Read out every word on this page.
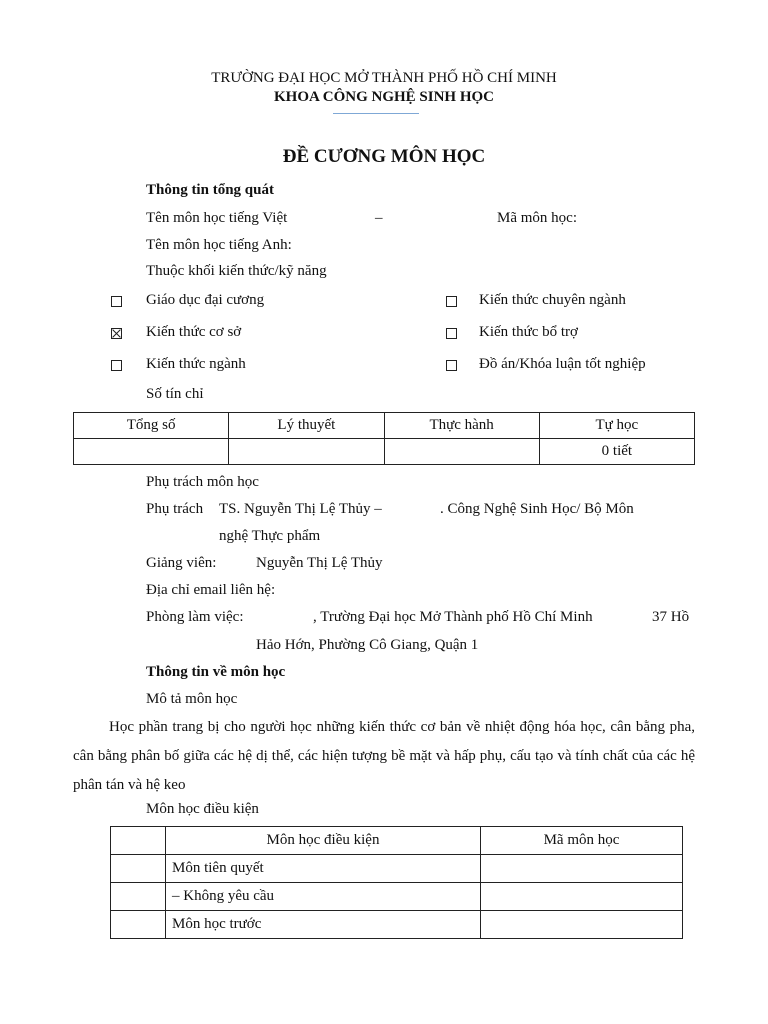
TRƯỜNG ĐẠI HỌC MỞ THÀNH PHỐ HỒ CHÍ MINH
KHOA CÔNG NGHỆ SINH HỌC
ĐỀ CƯƠNG MÔN HỌC
Thông tin tổng quát
Tên môn học tiếng Việt	–	Mã môn học:
Tên môn học tiếng Anh:
Thuộc khối kiến thức/kỹ năng
Giáo dục đại cương	Kiến thức chuyên ngành
Kiến thức cơ sở	Kiến thức bổ trợ
Kiến thức ngành	Đồ án/Khóa luận tốt nghiệp
Số tín chỉ
Tổng số	Lý thuyết	Thực hành	Tự học
			0 tiết
Phụ trách môn học
Phụ trách TS. Nguyễn Thị Lệ Thủy –	. Công Nghệ Sinh Học/ Bộ Môn
nghệ Thực phẩm
Giảng viên:	Nguyễn Thị Lệ Thủy
Địa chỉ email liên hệ:
Phòng làm việc:	, Trường Đại học Mở Thành phố Hồ Chí Minh	37 Hồ
Hảo Hớn, Phường Cô Giang, Quận 1
Thông tin về môn học
Mô tả môn học
Học phần trang bị cho người học những kiến thức cơ bản về nhiệt động hóa học, cân bằng pha, cân bằng phân bố giữa các hệ dị thể, các hiện tượng bề mặt và hấp phụ, cấu tạo và tính chất của các hệ phân tán và hệ keo
Môn học điều kiện
	Môn học điều kiện	Mã môn học
	Môn tiên quyết	
	– Không yêu cầu	
	Môn học trước	
